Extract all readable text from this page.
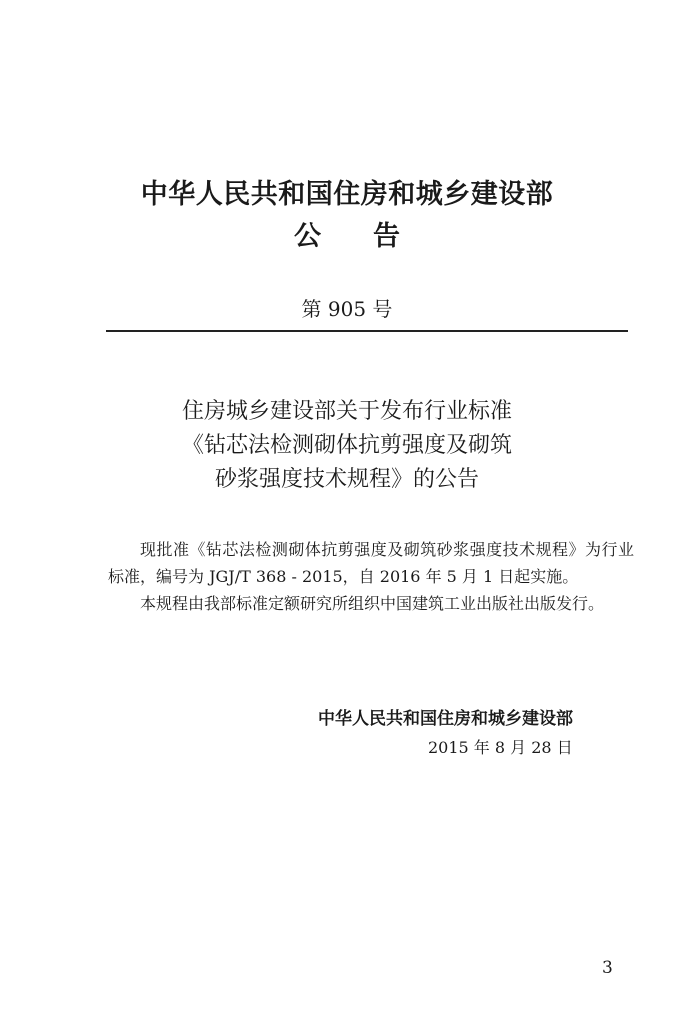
中华人民共和国住房和城乡建设部
公 告
第 905 号
住房城乡建设部关于发布行业标准
《钻芯法检测砌体抗剪强度及砌筑
砂浆强度技术规程》的公告

现批准《钻芯法检测砌体抗剪强度及砌筑砂浆强度技术规程》为行业标准，编号为 JGJ/T 368 - 2015，自 2016 年 5 月 1 日起实施。

本规程由我部标准定额研究所组织中国建筑工业出版社出版发行。

中华人民共和国住房和城乡建设部
2015 年 8 月 28 日
3
